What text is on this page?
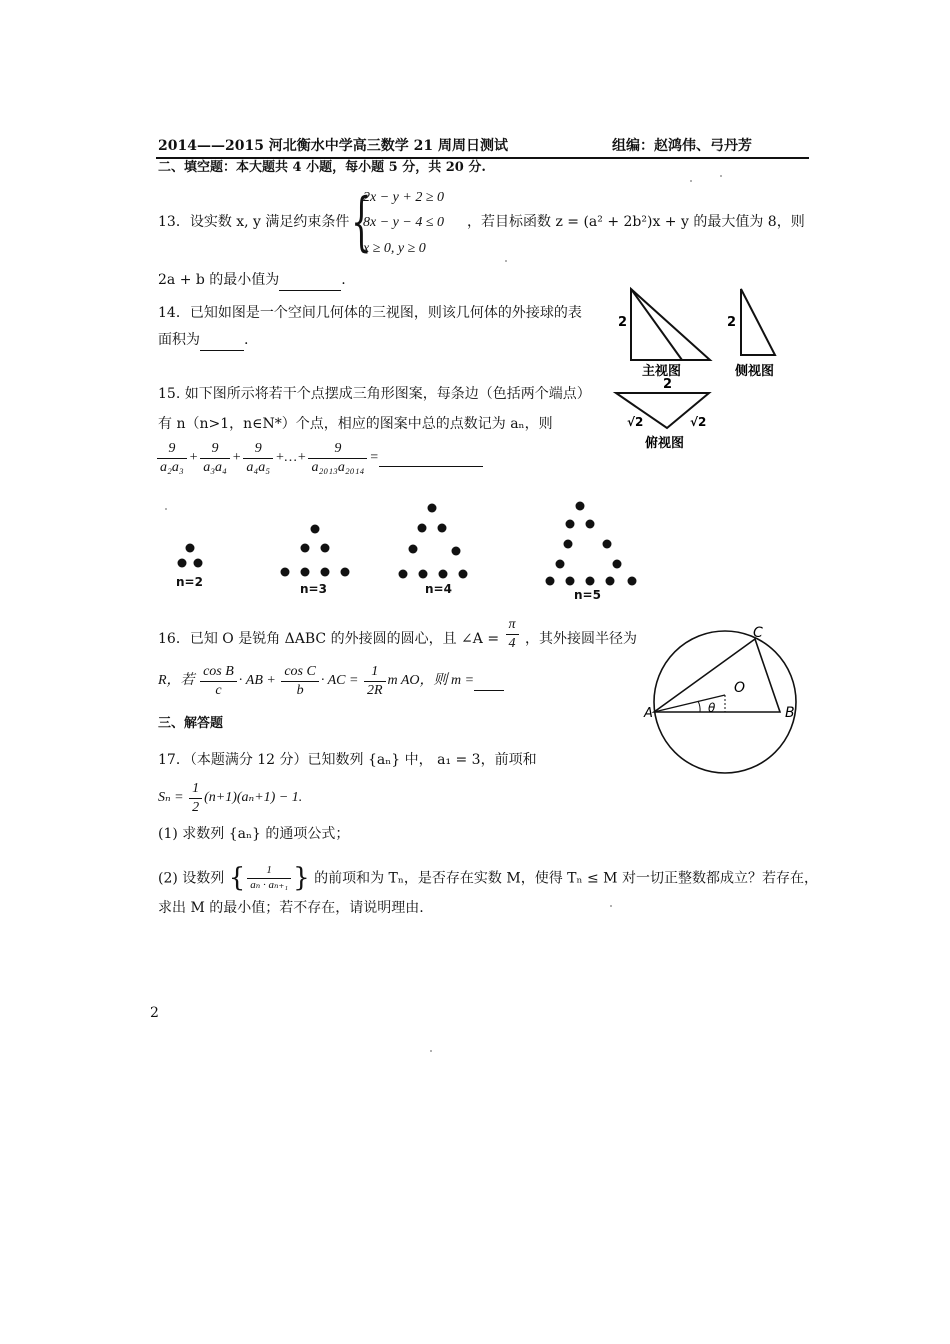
2014——2015 河北衡水中学高三数学 21 周周日测试	组编：赵鸿伟、弓丹芳
二、填空题：本大题共 4 小题，每小题 5 分，共 20 分.
13．设实数 x, y 满足约束条件 {
2x − y + 2 ≥ 0
8x − y − 4 ≤ 0
x ≥ 0, y ≥ 0
，若目标函数 z = (a² + 2b²)x + y 的最大值为 8，则
2a + b 的最小值为	.
14．已知如图是一个空间几何体的三视图，则该几何体的外接球的表
面积为	.
2
主视图
2
侧视图
2
√2	√2
俯视图
15. 如下图所示将若干个点摆成三角形图案，每条边（色括两个端点）
有 n（n>1，n∈N*）个点，相应的图案中总的点数记为 aₙ，则
$\frac{9}{\text{a₂a₃}} + \frac{9}{\text{a₃a₄}} + \frac{9}{\text{a₄a₅}}$ +…+ $\frac{9}{\text{a₂₀₁₃a₂₀₁₄}}$ =
n=2	n=3	n=4	n=5
16．已知 O 是锐角 ΔABC 的外接圆的圆心，且 ∠A = $\frac{\pi}{4}$ ，其外接圆半径为
R，若 $\frac{\text{cos B}}{c}$ · AB + $\frac{\text{cos C}}{b}$ · AC = $\frac{1}{2R}$ m AO，则 m =
A	B
C
O
θ
三、解答题
17．（本题满分 12 分）已知数列 {aₙ} 中， a₁ = 3，前项和
$S_n = \frac{1}{2} (n+1)(a_n+1) - 1$.
(1) 求数列 {aₙ} 的通项公式；
(2) 设数列 { $\frac{1}{\text{aₙ · aₙ₊₁}}$ } 的前项和为 Tₙ，是否存在实数 M，使得 Tₙ ≤ M 对一切正整数都成立？若存在，
求出 M 的最小值；若不存在，请说明理由.
2
